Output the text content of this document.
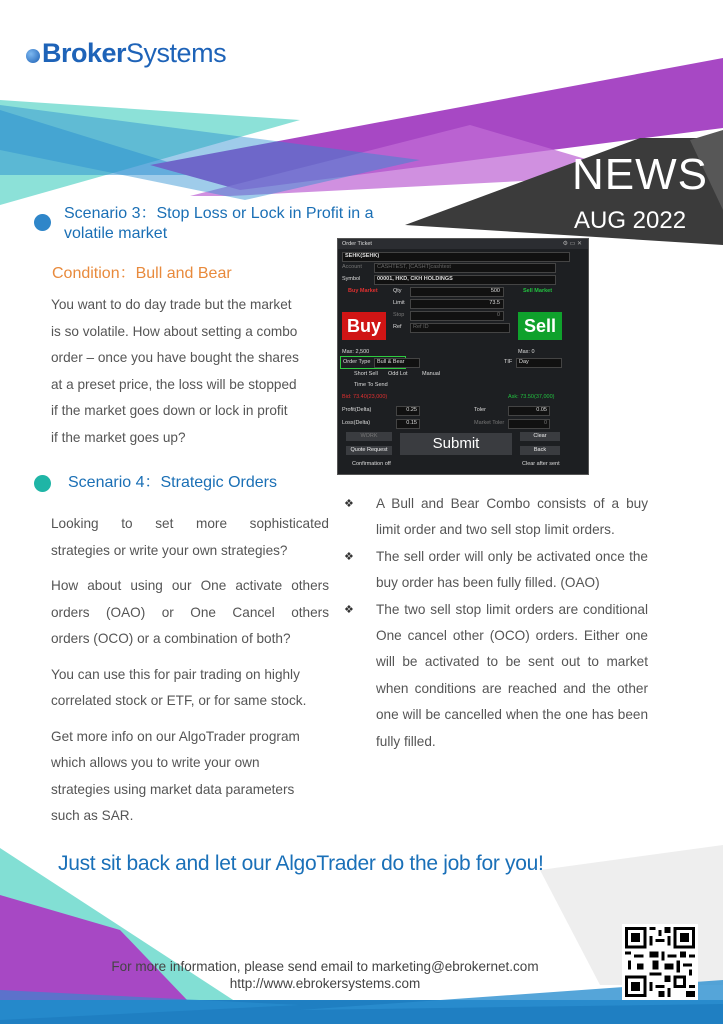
Broker Systems
NEWS
AUG 2022
Scenario 3：Stop Loss or Lock in Profit in a
volatile market
Condition：Bull and Bear
You want to do day trade but the market
is so volatile. How about setting a combo
order – once you have bought the shares
at a preset price, the loss will be stopped
if the market goes down or lock in profit
if the market goes up?
Scenario 4：Strategic Orders
Looking to set more sophisticated
strategies or write your own strategies?
How about using our One activate others
orders (OAO) or One Cancel others
orders (OCO) or a combination of both?
You can use this for pair trading on highly
correlated stock or ETF, or for same stock.
Get more info on our AlgoTrader program
which allows you to write your own
strategies using market data parameters
such as SAR.
Order Ticket	⚙ ▭ ✕
SEHK(SEHK)
Account	CASHTEST, [CASHT]cashtest
Symbol	00001, HKD, CKH HOLDINGS
Buy Market	Sell Market
Qty	500
Limit	73.5
Stop	0
Ref	Ref ID
Buy	Sell
Max: 2,500	Max: 0
Order Type	Bull & Bear	TIF	Day
Short Sell Odd Lot	Manual
Time To Send
Bid: 73.40(23,000)	Ask: 73.50(37,000)
Profit(Delta)	0.25
Loss(Delta)	0.15
Toler	0.05
Market Toler	0
WORK
Quote Request	Submit	Clear
Back
Confirmation off	Clear after sent
❖ A Bull and Bear Combo consists of a buy limit order and two sell stop limit orders.
❖ The sell order will only be activated once the buy order has been fully filled. (OAO)
❖ The two sell stop limit orders are conditional One cancel other (OCO) orders. Either one will be activated to be sent out to market when conditions are reached and the other one will be cancelled when the one has been fully filled.
Just sit back and let our AlgoTrader do the job for you!
For more information, please send email to marketing@ebrokernet.com
http://www.ebrokersystems.com
